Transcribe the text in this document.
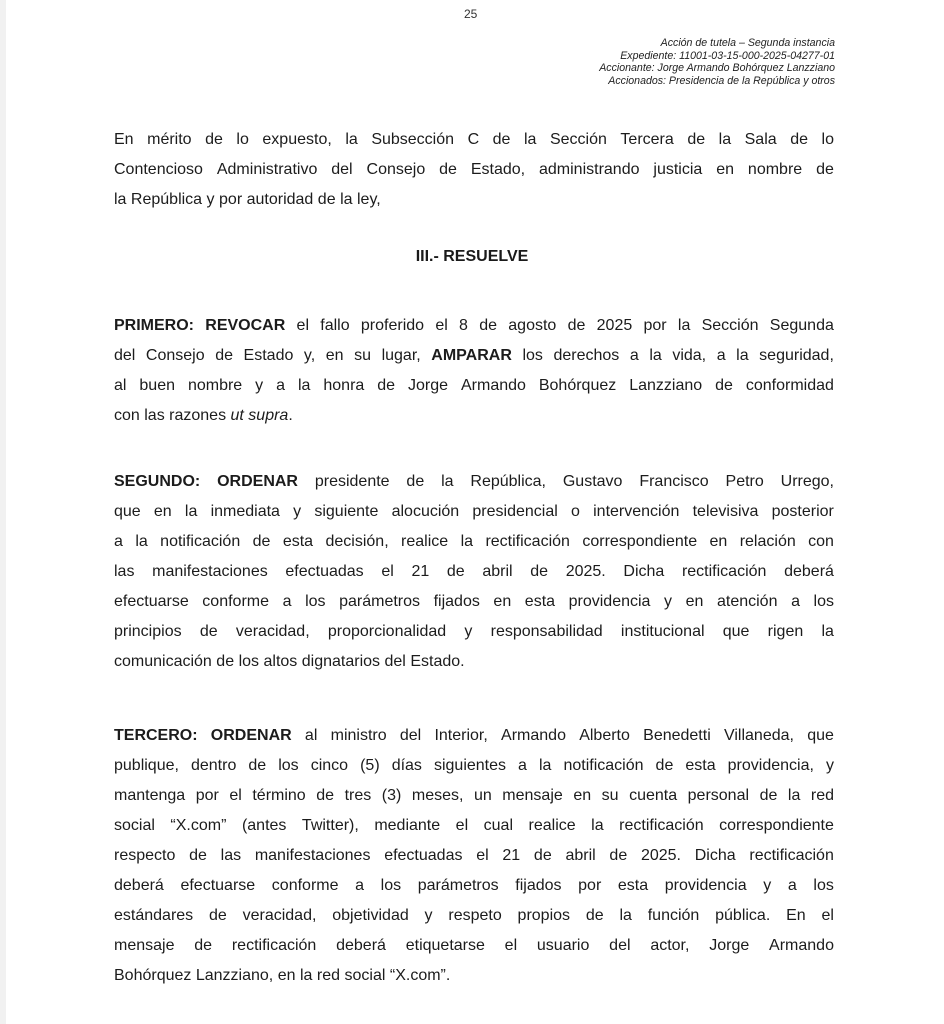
25
Acción de tutela – Segunda instancia
Expediente: 11001-03-15-000-2025-04277-01
Accionante: Jorge Armando Bohórquez Lanzziano
Accionados: Presidencia de la República y otros
En mérito de lo expuesto, la Subsección C de la Sección Tercera de la Sala de lo
Contencioso Administrativo del Consejo de Estado, administrando justicia en nombre de
la República y por autoridad de la ley,
III.- RESUELVE
PRIMERO: REVOCAR el fallo proferido el 8 de agosto de 2025 por la Sección Segunda
del Consejo de Estado y, en su lugar, AMPARAR los derechos a la vida, a la seguridad,
al buen nombre y a la honra de Jorge Armando Bohórquez Lanzziano de conformidad
con las razones ut supra.
SEGUNDO: ORDENAR presidente de la República, Gustavo Francisco Petro Urrego,
que en la inmediata y siguiente alocución presidencial o intervención televisiva posterior
a la notificación de esta decisión, realice la rectificación correspondiente en relación con
las manifestaciones efectuadas el 21 de abril de 2025. Dicha rectificación deberá
efectuarse conforme a los parámetros fijados en esta providencia y en atención a los
principios de veracidad, proporcionalidad y responsabilidad institucional que rigen la
comunicación de los altos dignatarios del Estado.
TERCERO: ORDENAR al ministro del Interior, Armando Alberto Benedetti Villaneda, que
publique, dentro de los cinco (5) días siguientes a la notificación de esta providencia, y
mantenga por el término de tres (3) meses, un mensaje en su cuenta personal de la red
social “X.com” (antes Twitter), mediante el cual realice la rectificación correspondiente
respecto de las manifestaciones efectuadas el 21 de abril de 2025. Dicha rectificación
deberá efectuarse conforme a los parámetros fijados por esta providencia y a los
estándares de veracidad, objetividad y respeto propios de la función pública. En el
mensaje de rectificación deberá etiquetarse el usuario del actor, Jorge Armando
Bohórquez Lanzziano, en la red social “X.com”.
